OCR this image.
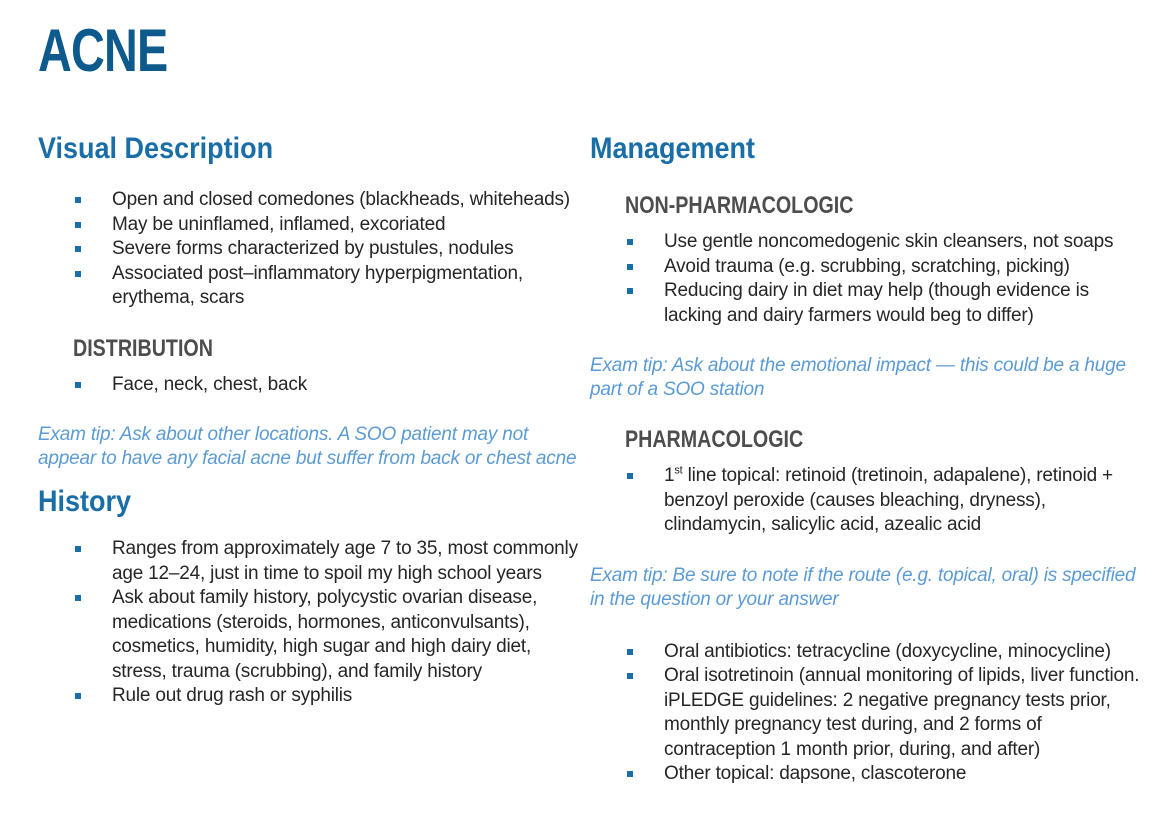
ACNE
Visual Description
Open and closed comedones (blackheads, whiteheads)
May be uninflamed, inflamed, excoriated
Severe forms characterized by pustules, nodules
Associated post–inflammatory hyperpigmentation, erythema, scars
DISTRIBUTION
Face, neck, chest, back

Exam tip: Ask about other locations. A SOO patient may not appear to have any facial acne but suffer from back or chest acne

History
Ranges from approximately age 7 to 35, most commonly age 12–24, just in time to spoil my high school years
Ask about family history, polycystic ovarian disease, medications (steroids, hormones, anticonvulsants), cosmetics, humidity, high sugar and high dairy diet, stress, trauma (scrubbing), and family history
Rule out drug rash or syphilis
Management
NON-PHARMACOLOGIC
Use gentle noncomedogenic skin cleansers, not soaps
Avoid trauma (e.g. scrubbing, scratching, picking)
Reducing dairy in diet may help (though evidence is lacking and dairy farmers would beg to differ)

Exam tip: Ask about the emotional impact — this could be a huge part of a SOO station

PHARMACOLOGIC
1st line topical: retinoid (tretinoin, adapalene), retinoid + benzoyl peroxide (causes bleaching, dryness), clindamycin, salicylic acid, azealic acid

Exam tip: Be sure to note if the route (e.g. topical, oral) is specified in the question or your answer

Oral antibiotics: tetracycline (doxycycline, minocycline)
Oral isotretinoin (annual monitoring of lipids, liver function. iPLEDGE guidelines: 2 negative pregnancy tests prior, monthly pregnancy test during, and 2 forms of contraception 1 month prior, during, and after)
Other topical: dapsone, clascoterone
